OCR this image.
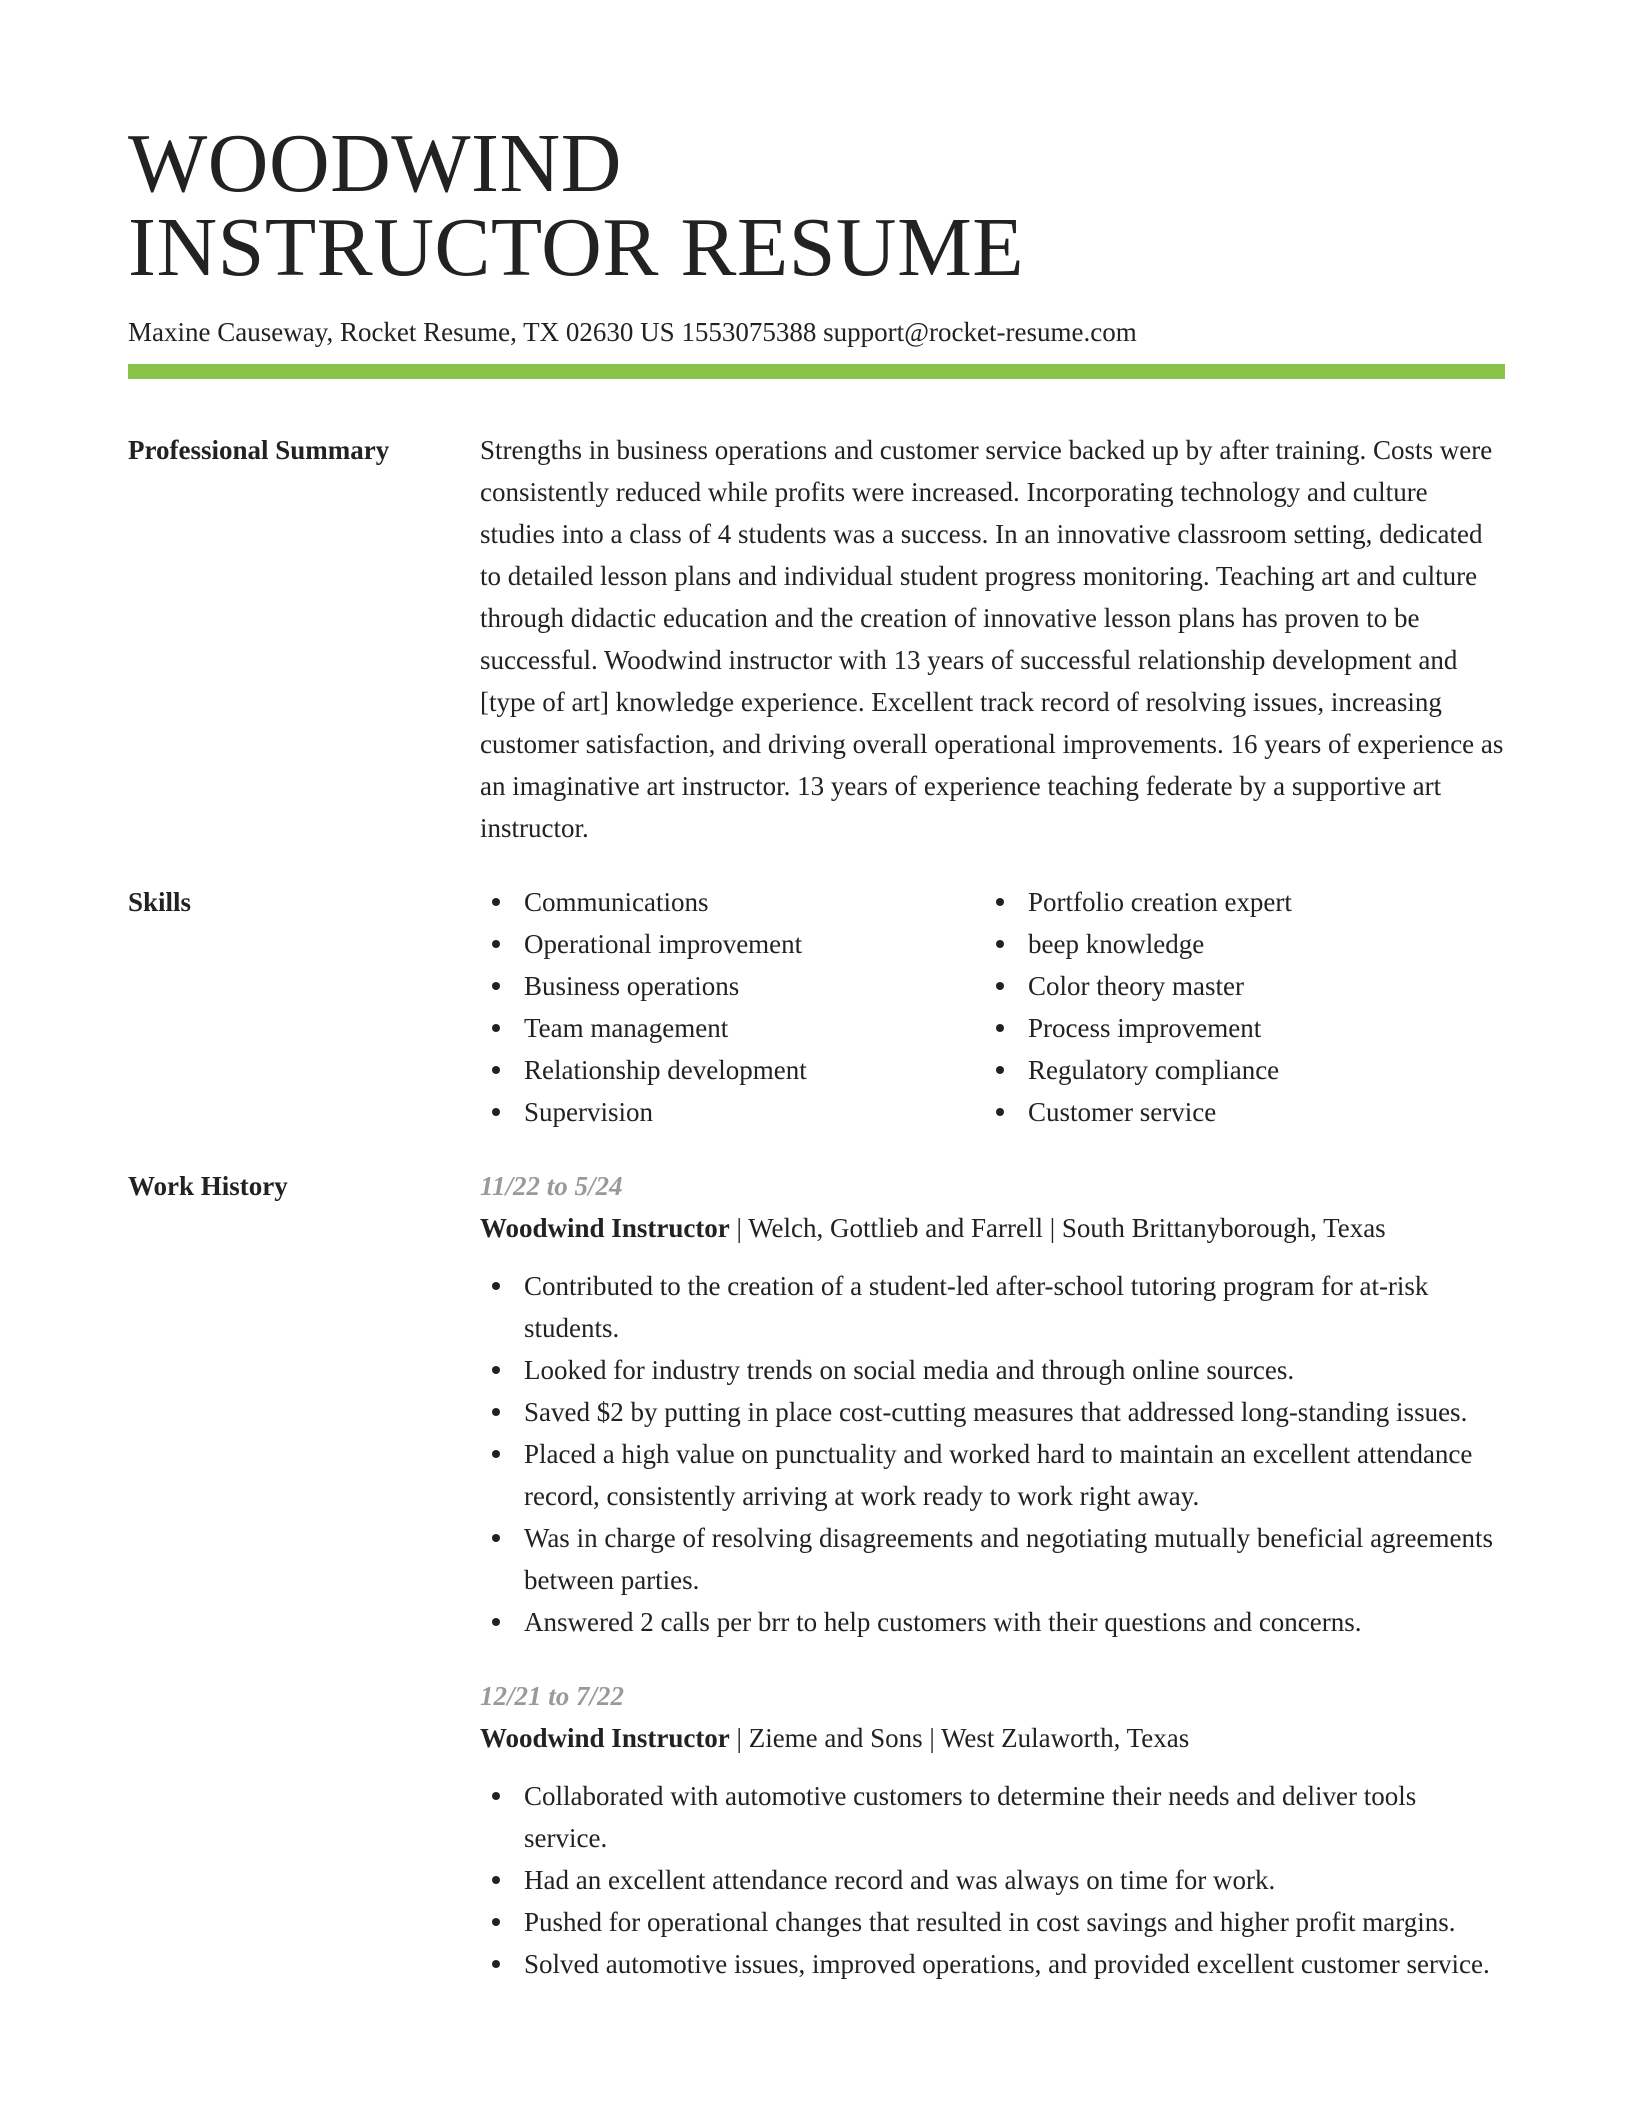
WOODWIND
INSTRUCTOR RESUME
Maxine Causeway, Rocket Resume, TX 02630 US 1553075388 support@rocket-resume.com
Professional Summary	Strengths in business operations and customer service backed up by after training. Costs were consistently reduced while profits were increased. Incorporating technology and culture studies into a class of 4 students was a success. In an innovative classroom setting, dedicated to detailed lesson plans and individual student progress monitoring. Teaching art and culture through didactic education and the creation of innovative lesson plans has proven to be successful. Woodwind instructor with 13 years of successful relationship development and [type of art] knowledge experience. Excellent track record of resolving issues, increasing customer satisfaction, and driving overall operational improvements. 16 years of experience as an imaginative art instructor. 13 years of experience teaching federate by a supportive art instructor.
Skills	Communications
Operational improvement
Business operations
Team management
Relationship development
Supervision
Portfolio creation expert
beep knowledge
Color theory master
Process improvement
Regulatory compliance
Customer service
Work History	11/22 to 5/24
Woodwind Instructor | Welch, Gottlieb and Farrell | South Brittanyborough, Texas
Contributed to the creation of a student-led after-school tutoring program for at-risk students.
Looked for industry trends on social media and through online sources.
Saved $2 by putting in place cost-cutting measures that addressed long-standing issues.
Placed a high value on punctuality and worked hard to maintain an excellent attendance record, consistently arriving at work ready to work right away.
Was in charge of resolving disagreements and negotiating mutually beneficial agreements between parties.
Answered 2 calls per brr to help customers with their questions and concerns.
12/21 to 7/22
Woodwind Instructor | Zieme and Sons | West Zulaworth, Texas
Collaborated with automotive customers to determine their needs and deliver tools service.
Had an excellent attendance record and was always on time for work.
Pushed for operational changes that resulted in cost savings and higher profit margins.
Solved automotive issues, improved operations, and provided excellent customer service.
